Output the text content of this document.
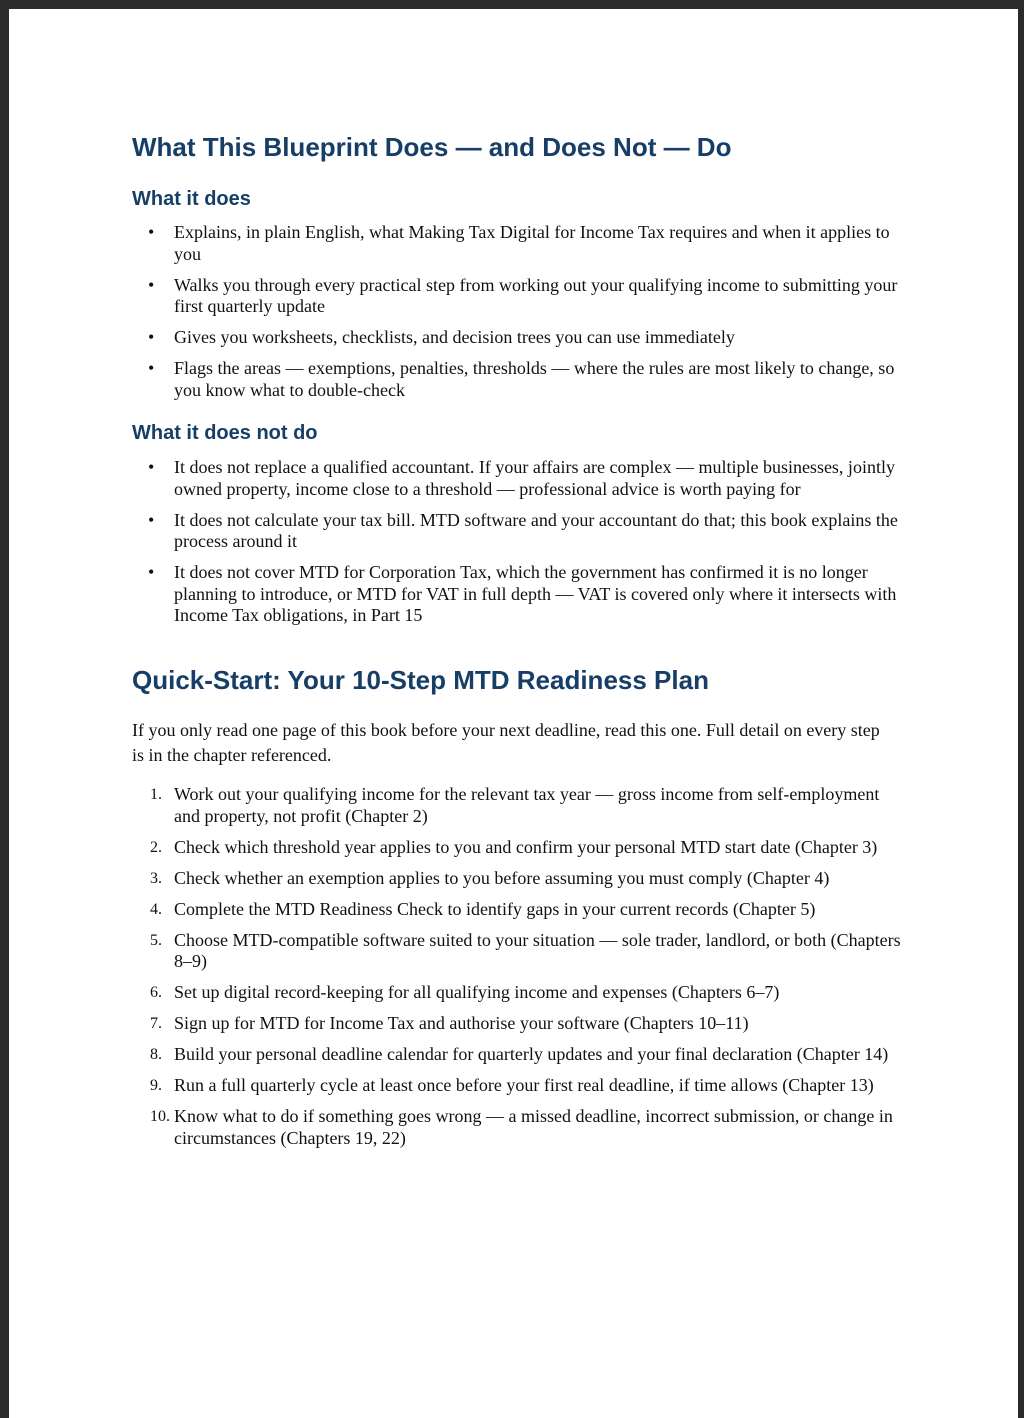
What This Blueprint Does — and Does Not — Do
What it does
• Explains, in plain English, what Making Tax Digital for Income Tax requires and when it applies to you
• Walks you through every practical step from working out your qualifying income to submitting your first quarterly update
• Gives you worksheets, checklists, and decision trees you can use immediately
• Flags the areas — exemptions, penalties, thresholds — where the rules are most likely to change, so you know what to double-check
What it does not do
• It does not replace a qualified accountant. If your affairs are complex — multiple businesses, jointly owned property, income close to a threshold — professional advice is worth paying for
• It does not calculate your tax bill. MTD software and your accountant do that; this book explains the process around it
• It does not cover MTD for Corporation Tax, which the government has confirmed it is no longer planning to introduce, or MTD for VAT in full depth — VAT is covered only where it intersects with Income Tax obligations, in Part 15
Quick-Start: Your 10-Step MTD Readiness Plan

If you only read one page of this book before your next deadline, read this one. Full detail on every step is in the chapter referenced.

1. Work out your qualifying income for the relevant tax year — gross income from self-employment and property, not profit (Chapter 2)
2. Check which threshold year applies to you and confirm your personal MTD start date (Chapter 3)
3. Check whether an exemption applies to you before assuming you must comply (Chapter 4)
4. Complete the MTD Readiness Check to identify gaps in your current records (Chapter 5)
5. Choose MTD-compatible software suited to your situation — sole trader, landlord, or both (Chapters 8–9)
6. Set up digital record-keeping for all qualifying income and expenses (Chapters 6–7)
7. Sign up for MTD for Income Tax and authorise your software (Chapters 10–11)
8. Build your personal deadline calendar for quarterly updates and your final declaration (Chapter 14)
9. Run a full quarterly cycle at least once before your first real deadline, if time allows (Chapter 13)
10. Know what to do if something goes wrong — a missed deadline, incorrect submission, or change in circumstances (Chapters 19, 22)
